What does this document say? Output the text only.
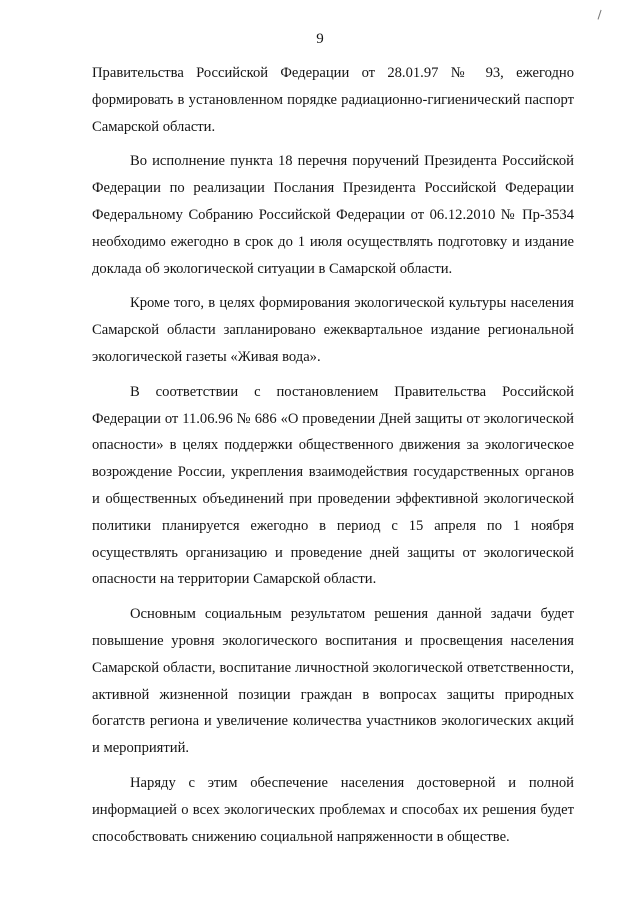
9

Правительства Российской Федерации от 28.01.97 № 93, ежегодно формировать в установленном порядке радиационно-гигиенический паспорт Самарской области.

Во исполнение пункта 18 перечня поручений Президента Российской Федерации по реализации Послания Президента Российской Федерации Федеральному Собранию Российской Федерации от 06.12.2010 № Пр-3534 необходимо ежегодно в срок до 1 июля осуществлять подготовку и издание доклада об экологической ситуации в Самарской области.

Кроме того, в целях формирования экологической культуры населения Самарской области запланировано ежеквартальное издание региональной экологической газеты «Живая вода».

В соответствии с постановлением Правительства Российской Федерации от 11.06.96 № 686 «О проведении Дней защиты от экологической опасности» в целях поддержки общественного движения за экологическое возрождение России, укрепления взаимодействия государственных органов и общественных объединений при проведении эффективной экологической политики планируется ежегодно в период с 15 апреля по 1 ноября осуществлять организацию и проведение дней защиты от экологической опасности на территории Самарской области.

Основным социальным результатом решения данной задачи будет повышение уровня экологического воспитания и просвещения населения Самарской области, воспитание личностной экологической ответственности, активной жизненной позиции граждан в вопросах защиты природных богатств региона и увеличение количества участников экологических акций и мероприятий.

Наряду с этим обеспечение населения достоверной и полной информацией о всех экологических проблемах и способах их решения будет способствовать снижению социальной напряженности в обществе.
